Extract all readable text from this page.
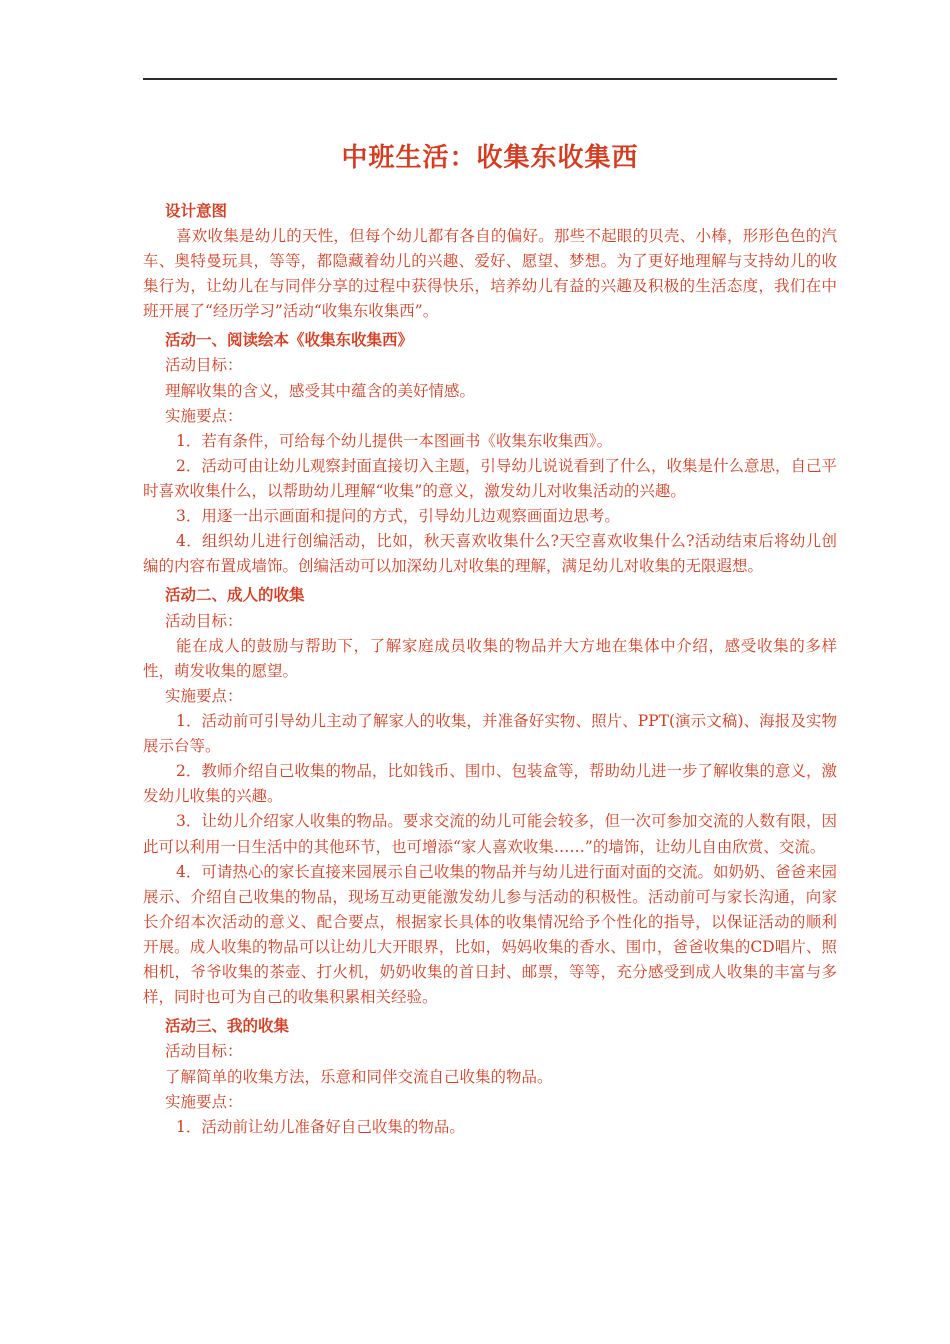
中班生活：收集东收集西

设计意图

喜欢收集是幼儿的天性，但每个幼儿都有各自的偏好。那些不起眼的贝壳、小棒，形形色色的汽车、奥特曼玩具，等等，都隐藏着幼儿的兴趣、爱好、愿望、梦想。为了更好地理解与支持幼儿的收集行为，让幼儿在与同伴分享的过程中获得快乐，培养幼儿有益的兴趣及积极的生活态度，我们在中班开展了“经历学习”活动“收集东收集西”。

活动一、阅读绘本《收集东收集西》

活动目标：

理解收集的含义，感受其中蕴含的美好情感。

实施要点：

1．若有条件，可给每个幼儿提供一本图画书《收集东收集西》。

2．活动可由让幼儿观察封面直接切入主题，引导幼儿说说看到了什么，收集是什么意思，自己平时喜欢收集什么，以帮助幼儿理解“收集”的意义，激发幼儿对收集活动的兴趣。

3．用逐一出示画面和提问的方式，引导幼儿边观察画面边思考。

4．组织幼儿进行创编活动，比如，秋天喜欢收集什么?天空喜欢收集什么?活动结束后将幼儿创编的内容布置成墙饰。创编活动可以加深幼儿对收集的理解，满足幼儿对收集的无限遐想。

活动二、成人的收集

活动目标：

能在成人的鼓励与帮助下，了解家庭成员收集的物品并大方地在集体中介绍，感受收集的多样性，萌发收集的愿望。

实施要点：

1．活动前可引导幼儿主动了解家人的收集，并准备好实物、照片、PPT(演示文稿)、海报及实物展示台等。

2．教师介绍自己收集的物品，比如钱币、围巾、包装盒等，帮助幼儿进一步了解收集的意义，激发幼儿收集的兴趣。

3．让幼儿介绍家人收集的物品。要求交流的幼儿可能会较多，但一次可参加交流的人数有限，因此可以利用一日生活中的其他环节，也可增添“家人喜欢收集……”的墙饰，让幼儿自由欣赏、交流。

4．可请热心的家长直接来园展示自己收集的物品并与幼儿进行面对面的交流。如奶奶、爸爸来园展示、介绍自己收集的物品，现场互动更能激发幼儿参与活动的积极性。活动前可与家长沟通，向家长介绍本次活动的意义、配合要点，根据家长具体的收集情况给予个性化的指导，以保证活动的顺利开展。成人收集的物品可以让幼儿大开眼界，比如，妈妈收集的香水、围巾，爸爸收集的CD唱片、照相机，爷爷收集的茶壶、打火机，奶奶收集的首日封、邮票，等等，充分感受到成人收集的丰富与多样，同时也可为自己的收集积累相关经验。

活动三、我的收集

活动目标：

了解简单的收集方法，乐意和同伴交流自己收集的物品。

实施要点：

1．活动前让幼儿准备好自己收集的物品。
